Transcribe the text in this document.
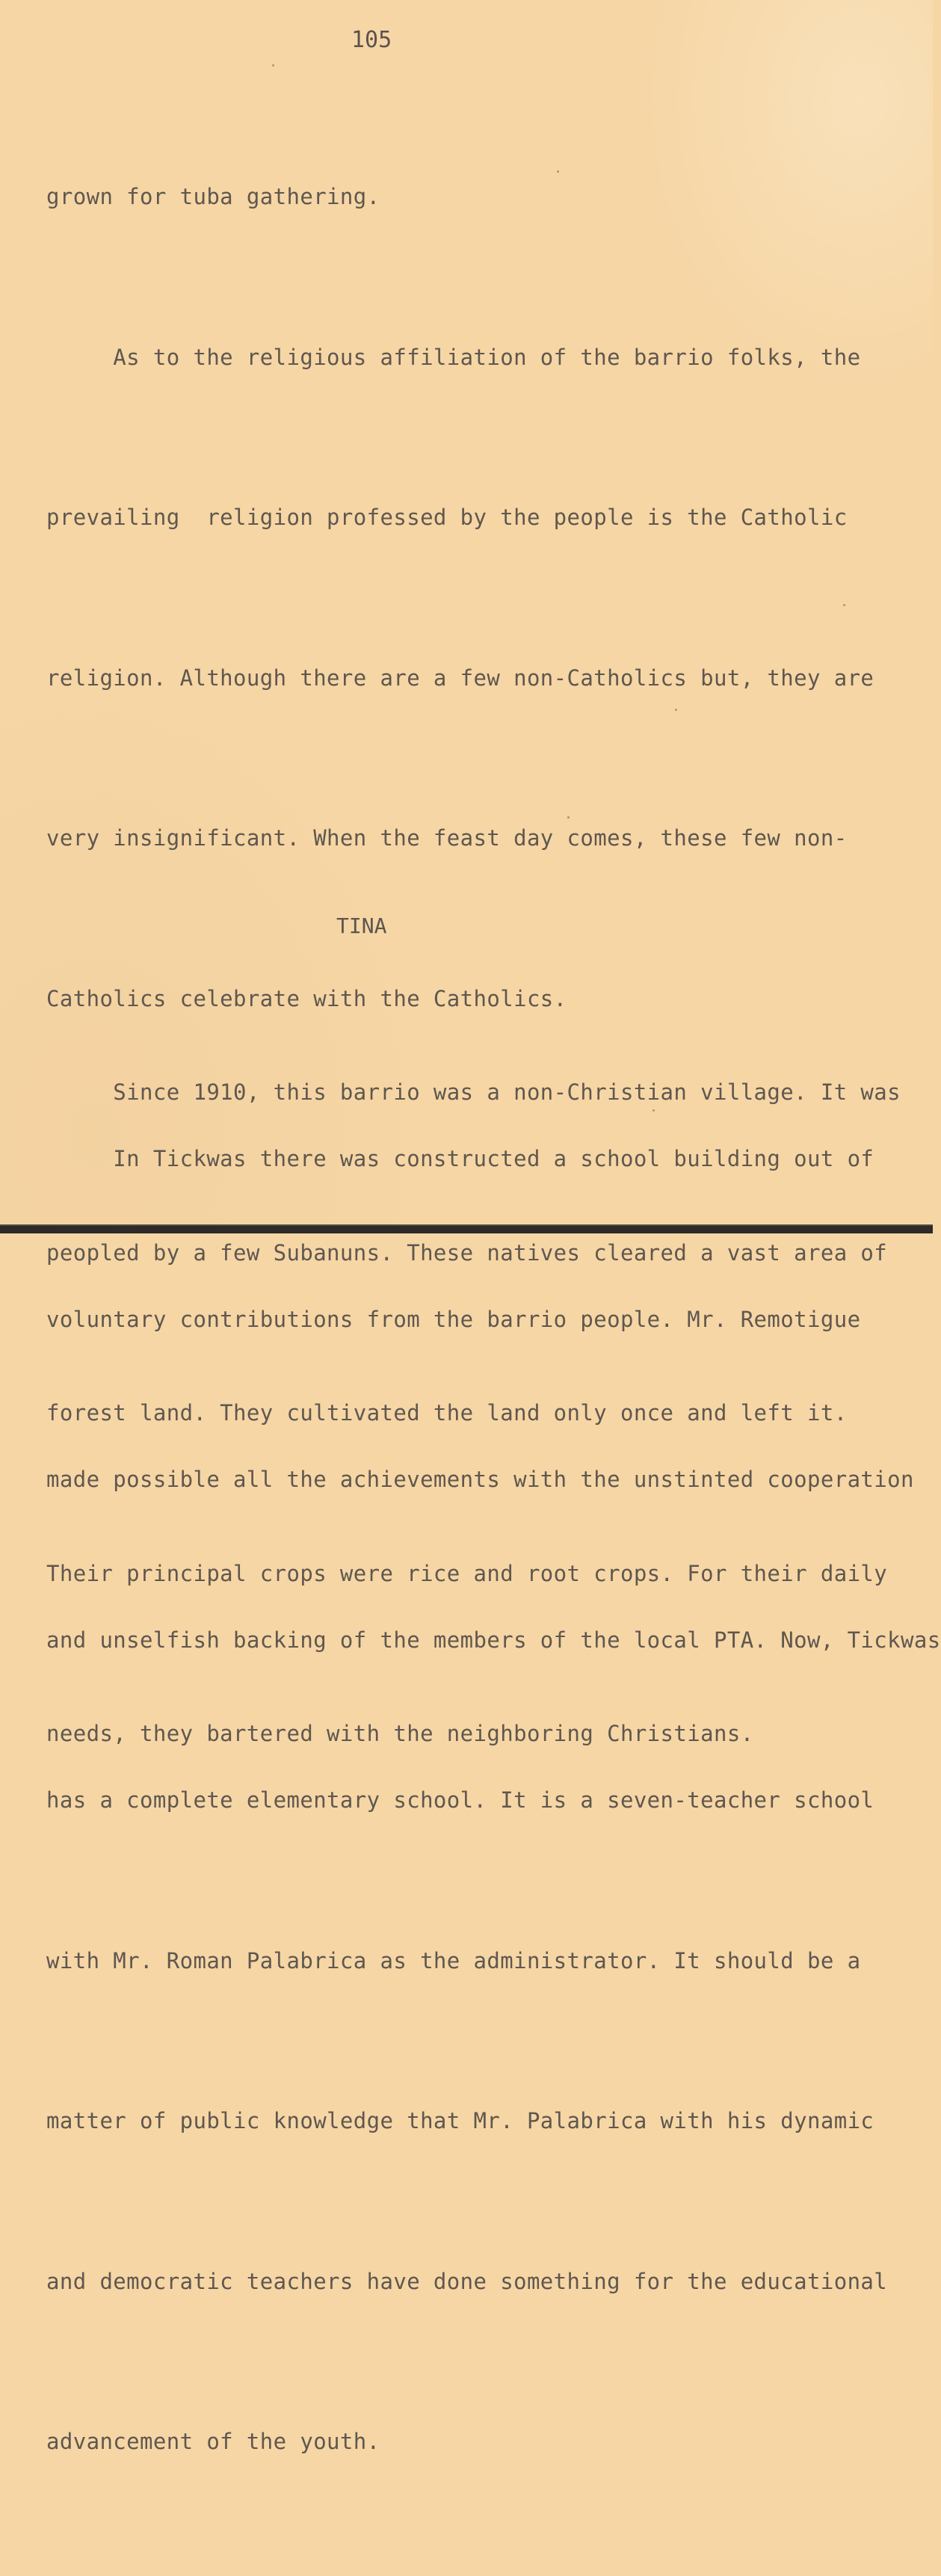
105

grown for tuba gathering.

As to the religious affiliation of the barrio folks, the

prevailing  religion professed by the people is the Catholic

religion. Although there are a few non-Catholics but, they are

very insignificant. When the feast day comes, these few non-

Catholics celebrate with the Catholics.

In Tickwas there was constructed a school building out of

voluntary contributions from the barrio people. Mr. Remotigue

made possible all the achievements with the unstinted cooperation

and unselfish backing of the members of the local PTA. Now, Tickwas

has a complete elementary school. It is a seven-teacher school

with Mr. Roman Palabrica as the administrator. It should be a

matter of public knowledge that Mr. Palabrica with his dynamic

and democratic teachers have done something for the educational

advancement of the youth.

TINA

Since 1910, this barrio was a non-Christian village. It was

peopled by a few Subanuns. These natives cleared a vast area of

forest land. They cultivated the land only once and left it.

Their principal crops were rice and root crops. For their daily

needs, they bartered with the neighboring Christians.
